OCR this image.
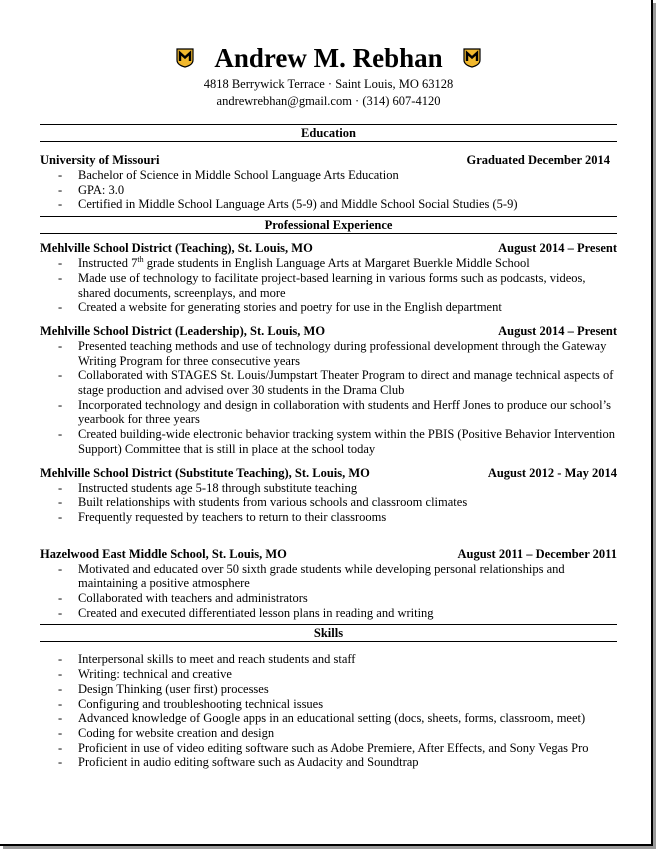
Andrew M. Rebhan
4818 Berrywick Terrace · Saint Louis, MO 63128
andrewrebhan@gmail.com · (314) 607-4120
Education
University of Missouri	Graduated December 2014
- Bachelor of Science in Middle School Language Arts Education
- GPA: 3.0
- Certified in Middle School Language Arts (5-9) and Middle School Social Studies (5-9)
Professional Experience
Mehlville School District (Teaching), St. Louis, MO	August 2014 – Present
- Instructed 7th grade students in English Language Arts at Margaret Buerkle Middle School
- Made use of technology to facilitate project-based learning in various forms such as podcasts, videos, shared documents, screenplays, and more
- Created a website for generating stories and poetry for use in the English department
Mehlville School District (Leadership), St. Louis, MO	August 2014 – Present
- Presented teaching methods and use of technology during professional development through the Gateway Writing Program for three consecutive years
- Collaborated with STAGES St. Louis/Jumpstart Theater Program to direct and manage technical aspects of stage production and advised over 30 students in the Drama Club
- Incorporated technology and design in collaboration with students and Herff Jones to produce our school’s yearbook for three years
- Created building-wide electronic behavior tracking system within the PBIS (Positive Behavior Intervention Support) Committee that is still in place at the school today
Mehlville School District (Substitute Teaching), St. Louis, MO	August 2012 - May 2014
- Instructed students age 5-18 through substitute teaching
- Built relationships with students from various schools and classroom climates
- Frequently requested by teachers to return to their classrooms
Hazelwood East Middle School, St. Louis, MO	August 2011 – December 2011
- Motivated and educated over 50 sixth grade students while developing personal relationships and maintaining a positive atmosphere
- Collaborated with teachers and administrators
- Created and executed differentiated lesson plans in reading and writing
Skills
- Interpersonal skills to meet and reach students and staff
- Writing: technical and creative
- Design Thinking (user first) processes
- Configuring and troubleshooting technical issues
- Advanced knowledge of Google apps in an educational setting (docs, sheets, forms, classroom, meet)
- Coding for website creation and design
- Proficient in use of video editing software such as Adobe Premiere, After Effects, and Sony Vegas Pro
- Proficient in audio editing software such as Audacity and Soundtrap
